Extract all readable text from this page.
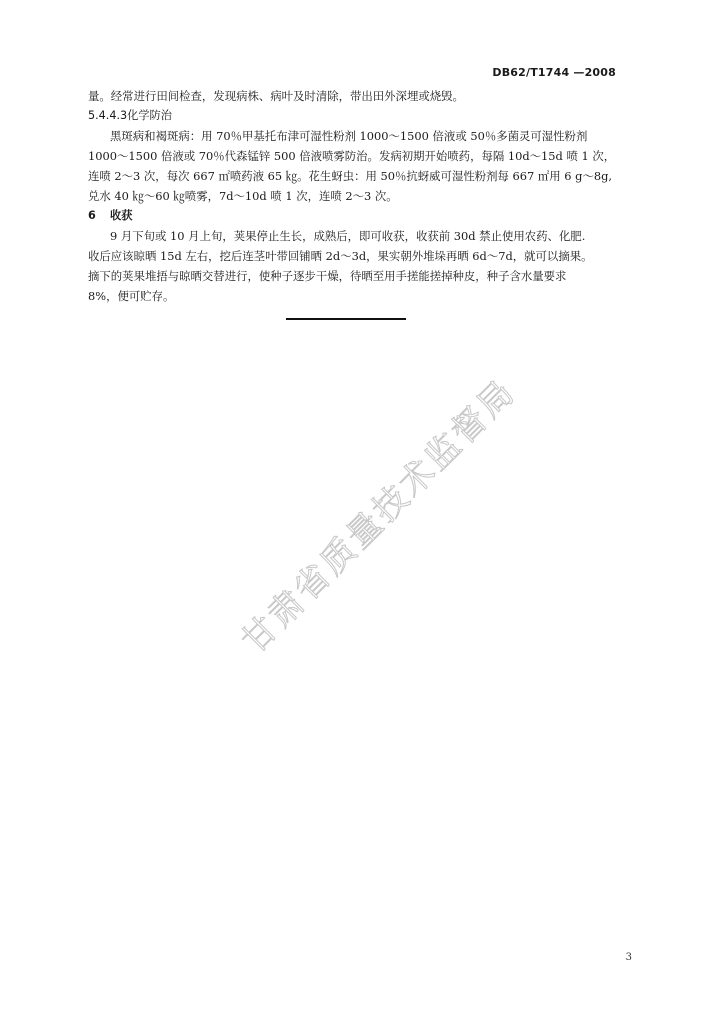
DB62/T1744 —2008
量。经常进行田间检查，发现病株、病叶及时清除，带出田外深埋或烧毁。
5.4.4.3化学防治
黑斑病和褐斑病：用 70％甲基托布津可湿性粉剂 1000～1500 倍液或 50％多菌灵可湿性粉剂
1000～1500 倍液或 70％代森锰锌 500 倍液喷雾防治。发病初期开始喷药，每隔 10d～15d 喷 1 次，
连喷 2～3 次，每次 667 ㎡喷药液 65 ㎏。花生蚜虫：用 50％抗蚜威可湿性粉剂每 667 ㎡用 6 g～8g,
兑水 40 ㎏～60 ㎏喷雾，7d～10d 喷 1 次，连喷 2～3 次。
6 收获
9 月下旬或 10 月上旬，荚果停止生长，成熟后，即可收获，收获前 30d 禁止使用农药、化肥.
收后应该晾晒 15d 左右，挖后连茎叶带回铺晒 2d～3d，果实朝外堆垛再晒 6d～7d，就可以摘果。
摘下的荚果堆捂与晾晒交替进行，使种子逐步干燥，待晒至用手搓能搓掉种皮，种子含水量要求
8%，便可贮存。
甘肃省质量技术监督局
3
